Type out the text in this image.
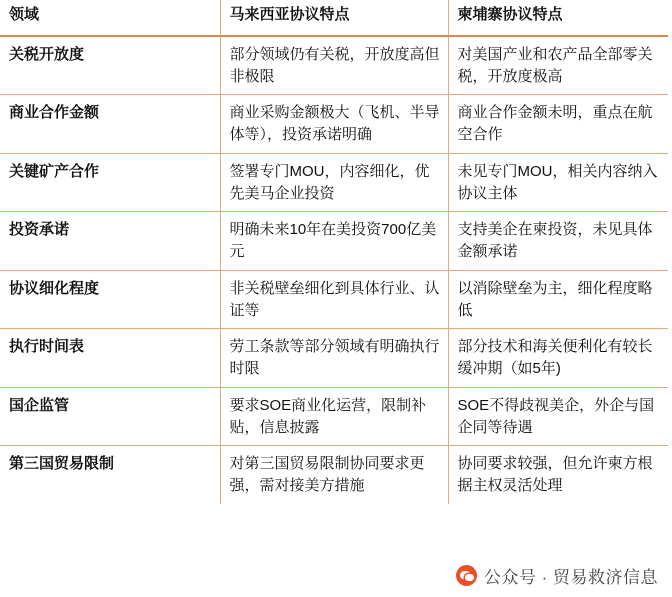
领域	马来西亚协议特点	柬埔寨协议特点

关税开放度	部分领域仍有关税，开放度高但非极限	对美国产业和农产品全部零关税，开放度极高

商业合作金额	商业采购金额极大（飞机、半导体等），投资承诺明确	商业合作金额未明，重点在航空合作

关键矿产合作	签署专门MOU，内容细化，优先美马企业投资	未见专门MOU，相关内容纳入协议主体

投资承诺	明确未来10年在美投资700亿美元	支持美企在柬投资，未见具体金额承诺

协议细化程度	非关税壁垒细化到具体行业、认证等	以消除壁垒为主，细化程度略低

执行时间表	劳工条款等部分领域有明确执行时限	部分技术和海关便利化有较长缓冲期（如5年)

国企监管	要求SOE商业化运营，限制补贴，信息披露	SOE不得歧视美企，外企与国企同等待遇

第三国贸易限制	对第三国贸易限制协同要求更强，需对接美方措施	协同要求较强，但允许柬方根据主权灵活处理
公众号 · 贸易救济信息
